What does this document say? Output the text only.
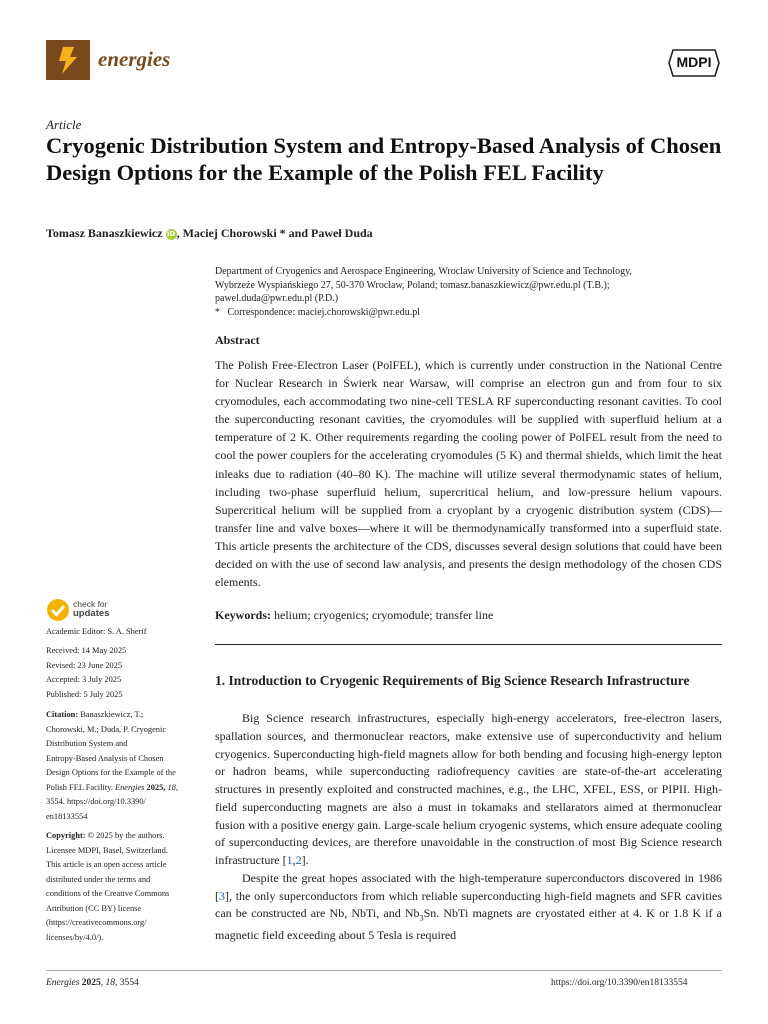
energies	MDPI
Article
Cryogenic Distribution System and Entropy-Based Analysis of Chosen Design Options for the Example of the Polish FEL Facility
Tomasz Banaszkiewicz iD, Maciej Chorowski * and Paweł Duda
Department of Cryogenics and Aerospace Engineering, Wroclaw University of Science and Technology,
Wybrzeże Wyspiańskiego 27, 50-370 Wrocław, Poland; tomasz.banaszkiewicz@pwr.edu.pl (T.B.);
pawel.duda@pwr.edu.pl (P.D.)
*   Correspondence: maciej.chorowski@pwr.edu.pl
Abstract
The Polish Free-Electron Laser (PolFEL), which is currently under construction in the National Centre for Nuclear Research in Świerk near Warsaw, will comprise an electron gun and from four to six cryomodules, each accommodating two nine-cell TESLA RF superconducting resonant cavities. To cool the superconducting resonant cavities, the cryomodules will be supplied with superfluid helium at a temperature of 2 K. Other requirements regarding the cooling power of PolFEL result from the need to cool the power couplers for the accelerating cryomodules (5 K) and thermal shields, which limit the heat inleaks due to radiation (40–80 K). The machine will utilize several thermodynamic states of helium, including two-phase superfluid helium, supercritical helium, and low-pressure helium vapours. Supercritical helium will be supplied from a cryoplant by a cryogenic distribution system (CDS)—transfer line and valve boxes—where it will be thermodynamically transformed into a superfluid state. This article presents the architecture of the CDS, discusses several design solutions that could have been decided on with the use of second law analysis, and presents the design methodology of the chosen CDS elements.
Keywords: helium; cryogenics; cryomodule; transfer line
1. Introduction to Cryogenic Requirements of Big Science Research Infrastructure

Big Science research infrastructures, especially high-energy accelerators, free-electron lasers, spallation sources, and thermonuclear reactors, make extensive use of superconductivity and helium cryogenics. Superconducting high-field magnets allow for both bending and focusing high-energy lepton or hadron beams, while superconducting radiofrequency cavities are state-of-the-art accelerating structures in presently exploited and constructed machines, e.g., the LHC, XFEL, ESS, or PIPII. High-field superconducting magnets are also a must in tokamaks and stellarators aimed at thermonuclear fusion with a positive energy gain. Large-scale helium cryogenic systems, which ensure adequate cooling of superconducting devices, are therefore unavoidable in the construction of most Big Science research infrastructure [1,2].

Despite the great hopes associated with the high-temperature superconductors discovered in 1986 [3], the only superconductors from which reliable superconducting high-field magnets and SFR cavities can be constructed are Nb, NbTi, and $Nb_3Sn$. NbTi magnets are cryostated either at 4. K or 1.8 K if a magnetic field exceeding about 5 Tesla is required

check for
updates
Academic Editor: S. A. Sherif
Received: 14 May 2025
Revised: 23 June 2025
Accepted: 3 July 2025
Published: 5 July 2025
Citation: Banaszkiewicz, T.;
Chorowski, M.; Duda, P. Cryogenic
Distribution System and
Entropy-Based Analysis of Chosen
Design Options for the Example of the
Polish FEL Facility. Energies 2025, 18,
3554. https://doi.org/10.3390/
en18133554
Copyright: © 2025 by the authors.
Licensee MDPI, Basel, Switzerland.
This article is an open access article
distributed under the terms and
conditions of the Creative Commons
Attribution (CC BY) license
(https://creativecommons.org/
licenses/by/4.0/).
Energies 2025, 18, 3554	https://doi.org/10.3390/en18133554
